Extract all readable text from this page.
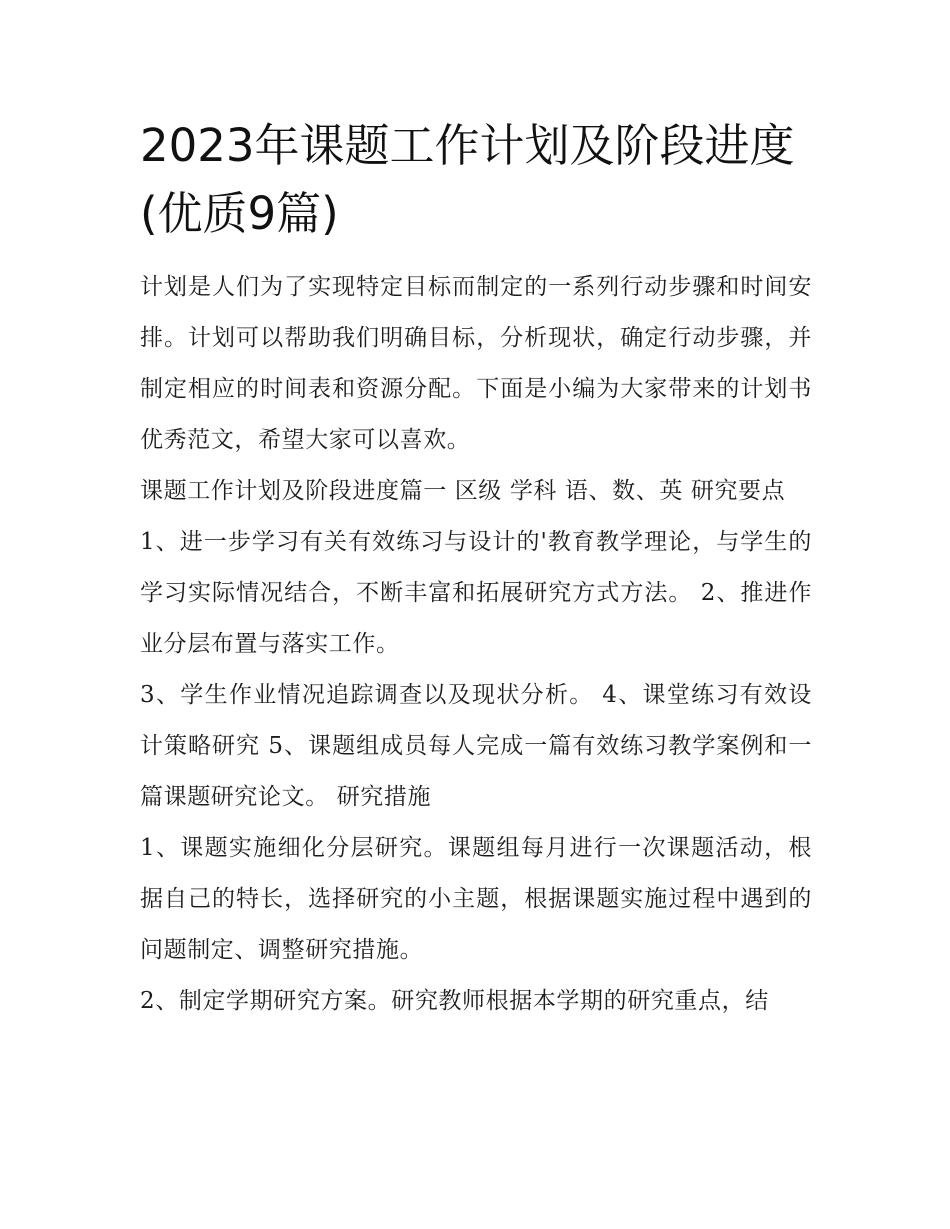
2023年课题工作计划及阶段进度(优质9篇)

计划是人们为了实现特定目标而制定的一系列行动步骤和时间安排。计划可以帮助我们明确目标，分析现状，确定行动步骤，并制定相应的时间表和资源分配。下面是小编为大家带来的计划书优秀范文，希望大家可以喜欢。

课题工作计划及阶段进度篇一 区级 学科 语、数、英 研究要点

1、进一步学习有关有效练习与设计的'教育教学理论，与学生的学习实际情况结合，不断丰富和拓展研究方式方法。 2、推进作业分层布置与落实工作。

3、学生作业情况追踪调查以及现状分析。 4、课堂练习有效设计策略研究 5、课题组成员每人完成一篇有效练习教学案例和一篇课题研究论文。 研究措施

1、课题实施细化分层研究。课题组每月进行一次课题活动，根据自己的特长，选择研究的小主题，根据课题实施过程中遇到的问题制定、调整研究措施。

2、制定学期研究方案。研究教师根据本学期的研究重点，结
